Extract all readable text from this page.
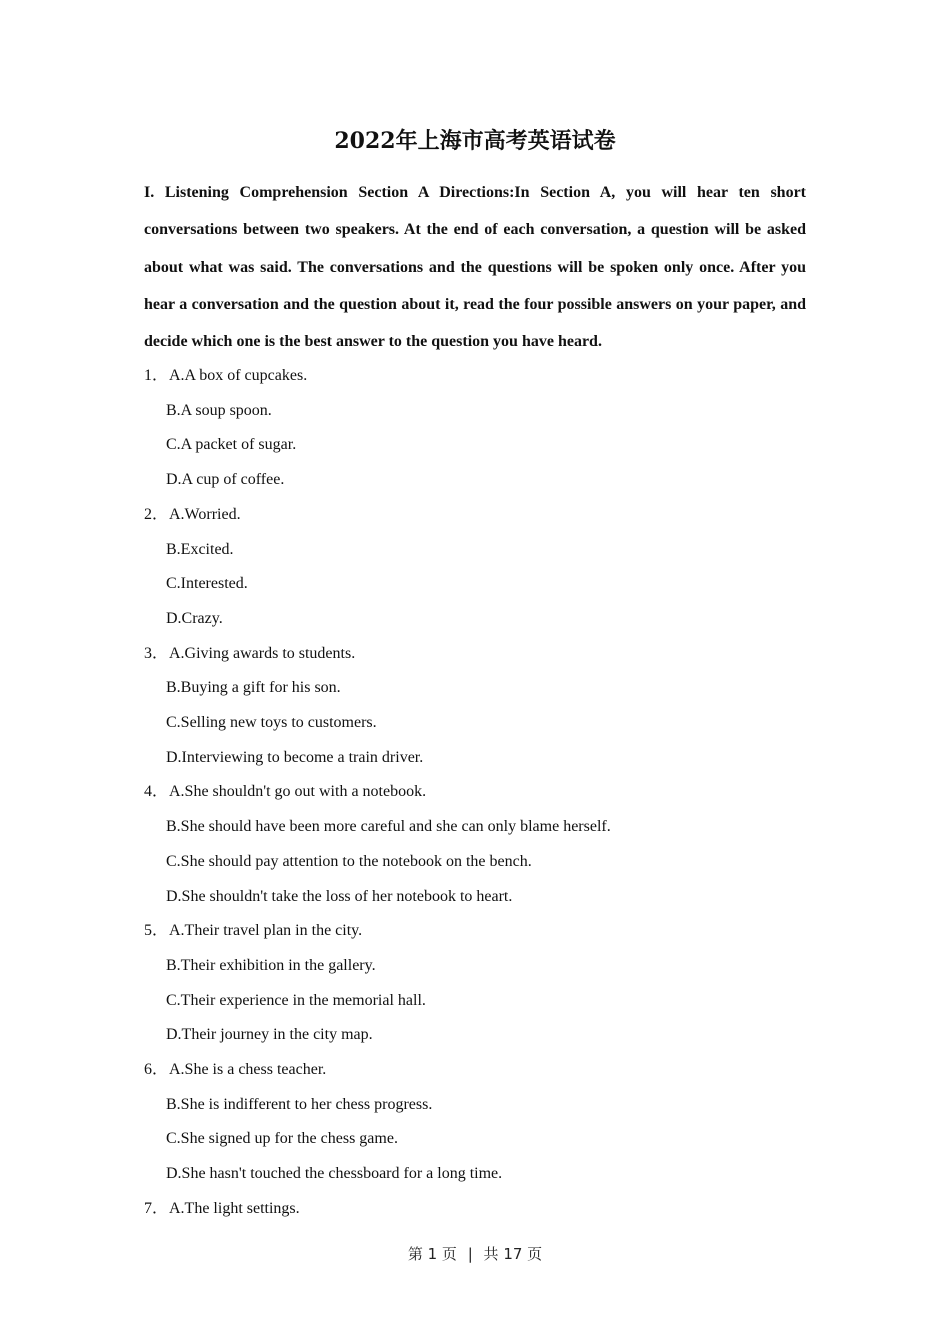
2022年上海市高考英语试卷
I. Listening Comprehension Section A Directions:In Section A, you will hear ten short conversations between two speakers. At the end of each conversation, a question will be asked about what was said. The conversations and the questions will be spoken only once. After you hear a conversation and the question about it, read the four possible answers on your paper, and decide which one is the best answer to the question you have heard.
1．A.A box of cupcakes.
B.A soup spoon.
C.A packet of sugar.
D.A cup of coffee.
2．A.Worried.
B.Excited.
C.Interested.
D.Crazy.
3．A.Giving awards to students.
B.Buying a gift for his son.
C.Selling new toys to customers.
D.Interviewing to become a train driver.
4．A.She shouldn't go out with a notebook.
B.She should have been more careful and she can only blame herself.
C.She should pay attention to the notebook on the bench.
D.She shouldn't take the loss of her notebook to heart.
5．A.Their travel plan in the city.
B.Their exhibition in the gallery.
C.Their experience in the memorial hall.
D.Their journey in the city map.
6．A.She is a chess teacher.
B.She is indifferent to her chess progress.
C.She signed up for the chess game.
D.She hasn't touched the chessboard for a long time.
7．A.The light settings.
第 1 页 | 共 17 页
